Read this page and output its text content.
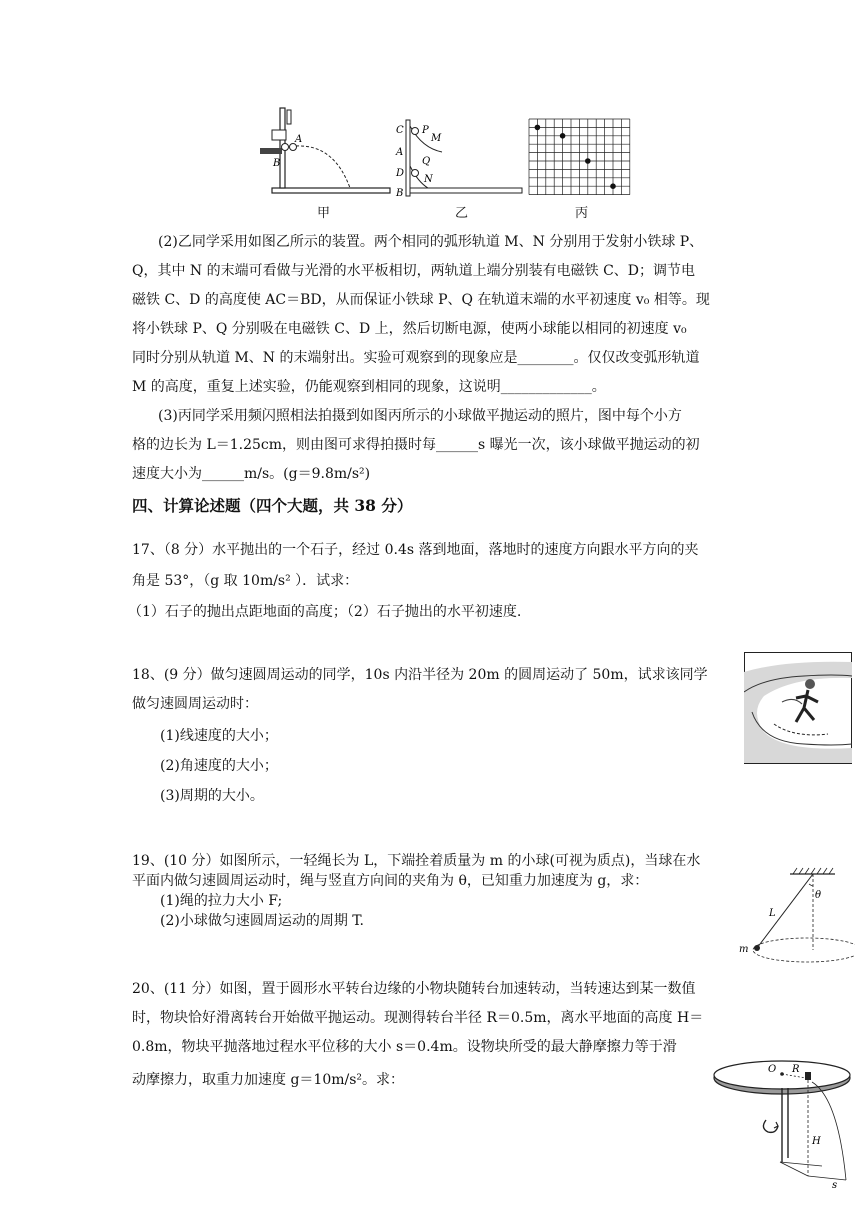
A
B
甲
C
A
D
B
P
M
Q
N
乙	丙
(2)乙同学采用如图乙所示的装置。两个相同的弧形轨道 M、N 分别用于发射小铁球 P、
Q，其中 N 的末端可看做与光滑的水平板相切，两轨道上端分别装有电磁铁 C、D；调节电
磁铁 C、D 的高度使 AC＝BD，从而保证小铁球 P、Q 在轨道末端的水平初速度 v₀ 相等。现
将小铁球 P、Q 分别吸在电磁铁 C、D 上，然后切断电源，使两小球能以相同的初速度 v₀
同时分别从轨道 M、N 的末端射出。实验可观察到的现象应是________。仅仅改变弧形轨道
M 的高度，重复上述实验，仍能观察到相同的现象，这说明_____________。
(3)丙同学采用频闪照相法拍摄到如图丙所示的小球做平抛运动的照片，图中每个小方
格的边长为 L＝1.25cm，则由图可求得拍摄时每______s 曝光一次，该小球做平抛运动的初
速度大小为______m/s。(g＝9.8m/s²)
四、计算论述题（四个大题，共 38 分）
17、（8 分）水平抛出的一个石子，经过 0.4s 落到地面，落地时的速度方向跟水平方向的夹
角是 53°，（g 取 10m/s² ）．试求：
（1）石子的抛出点距地面的高度；（2）石子抛出的水平初速度.
18、(9 分）做匀速圆周运动的同学，10s 内沿半径为 20m 的圆周运动了 50m，试求该同学
做匀速圆周运动时：
(1)线速度的大小；
(2)角速度的大小；
(3)周期的大小。
19、(10 分）如图所示，一轻绳长为 L，下端拴着质量为 m 的小球(可视为质点)，当球在水
平面内做匀速圆周运动时，绳与竖直方向间的夹角为 θ，已知重力加速度为 g，求：
(1)绳的拉力大小 F;
(2)小球做匀速圆周运动的周期 T.
θ
L
m
20、(11 分）如图，置于圆形水平转台边缘的小物块随转台加速转动，当转速达到某一数值
时，物块恰好滑离转台开始做平抛运动。现测得转台半径 R＝0.5m，离水平地面的高度 H＝
0.8m，物块平抛落地过程水平位移的大小 s＝0.4m。设物块所受的最大静摩擦力等于滑
动摩擦力，取重力加速度 g＝10m/s²。求：
O R
H
s
